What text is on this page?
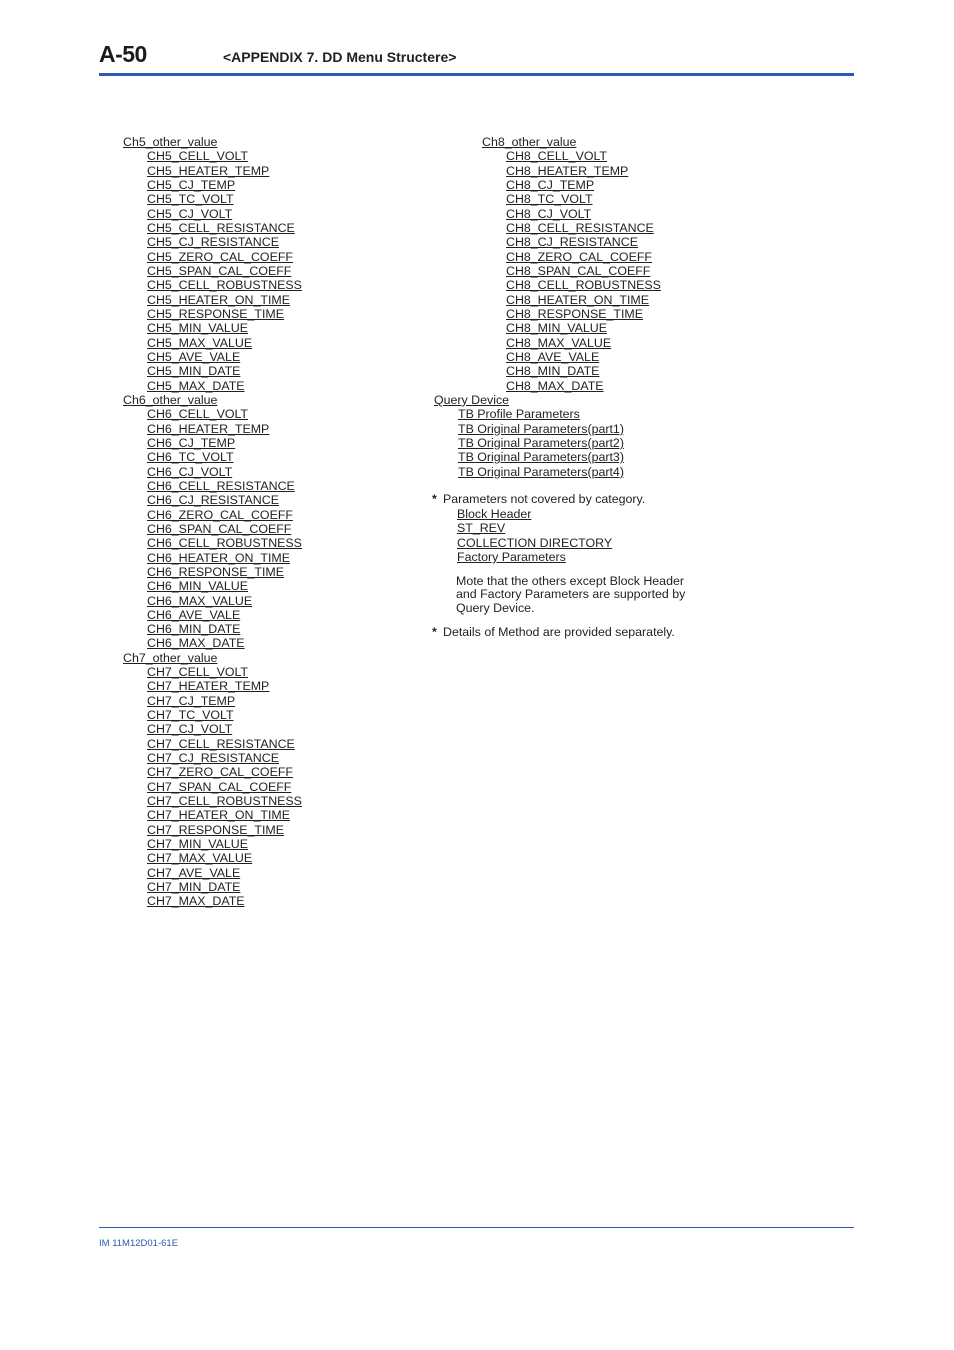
A-50	<APPENDIX 7. DD Menu Structere>
Ch5_other_value
CH5_CELL_VOLT
CH5_HEATER_TEMP
CH5_CJ_TEMP
CH5_TC_VOLT
CH5_CJ_VOLT
CH5_CELL_RESISTANCE
CH5_CJ_RESISTANCE
CH5_ZERO_CAL_COEFF
CH5_SPAN_CAL_COEFF
CH5_CELL_ROBUSTNESS
CH5_HEATER_ON_TIME
CH5_RESPONSE_TIME
CH5_MIN_VALUE
CH5_MAX_VALUE
CH5_AVE_VALE
CH5_MIN_DATE
CH5_MAX_DATE
Ch6_other_value
CH6_CELL_VOLT
CH6_HEATER_TEMP
CH6_CJ_TEMP
CH6_TC_VOLT
CH6_CJ_VOLT
CH6_CELL_RESISTANCE
CH6_CJ_RESISTANCE
CH6_ZERO_CAL_COEFF
CH6_SPAN_CAL_COEFF
CH6_CELL_ROBUSTNESS
CH6_HEATER_ON_TIME
CH6_RESPONSE_TIME
CH6_MIN_VALUE
CH6_MAX_VALUE
CH6_AVE_VALE
CH6_MIN_DATE
CH6_MAX_DATE
Ch7_other_value
CH7_CELL_VOLT
CH7_HEATER_TEMP
CH7_CJ_TEMP
CH7_TC_VOLT
CH7_CJ_VOLT
CH7_CELL_RESISTANCE
CH7_CJ_RESISTANCE
CH7_ZERO_CAL_COEFF
CH7_SPAN_CAL_COEFF
CH7_CELL_ROBUSTNESS
CH7_HEATER_ON_TIME
CH7_RESPONSE_TIME
CH7_MIN_VALUE
CH7_MAX_VALUE
CH7_AVE_VALE
CH7_MIN_DATE
CH7_MAX_DATE
Ch8_other_value
CH8_CELL_VOLT
CH8_HEATER_TEMP
CH8_CJ_TEMP
CH8_TC_VOLT
CH8_CJ_VOLT
CH8_CELL_RESISTANCE
CH8_CJ_RESISTANCE
CH8_ZERO_CAL_COEFF
CH8_SPAN_CAL_COEFF
CH8_CELL_ROBUSTNESS
CH8_HEATER_ON_TIME
CH8_RESPONSE_TIME
CH8_MIN_VALUE
CH8_MAX_VALUE
CH8_AVE_VALE
CH8_MIN_DATE
CH8_MAX_DATE
Query Device
TB Profile Parameters
TB Original Parameters(part1)
TB Original Parameters(part2)
TB Original Parameters(part3)
TB Original Parameters(part4)
* Parameters not covered by category.
Block Header
ST_REV
COLLECTION DIRECTORY
Factory Parameters
Mote that the others except Block Header
and Factory Parameters are supported by
Query Device.
* Details of Method are provided separately.
IM 11M12D01-61E
